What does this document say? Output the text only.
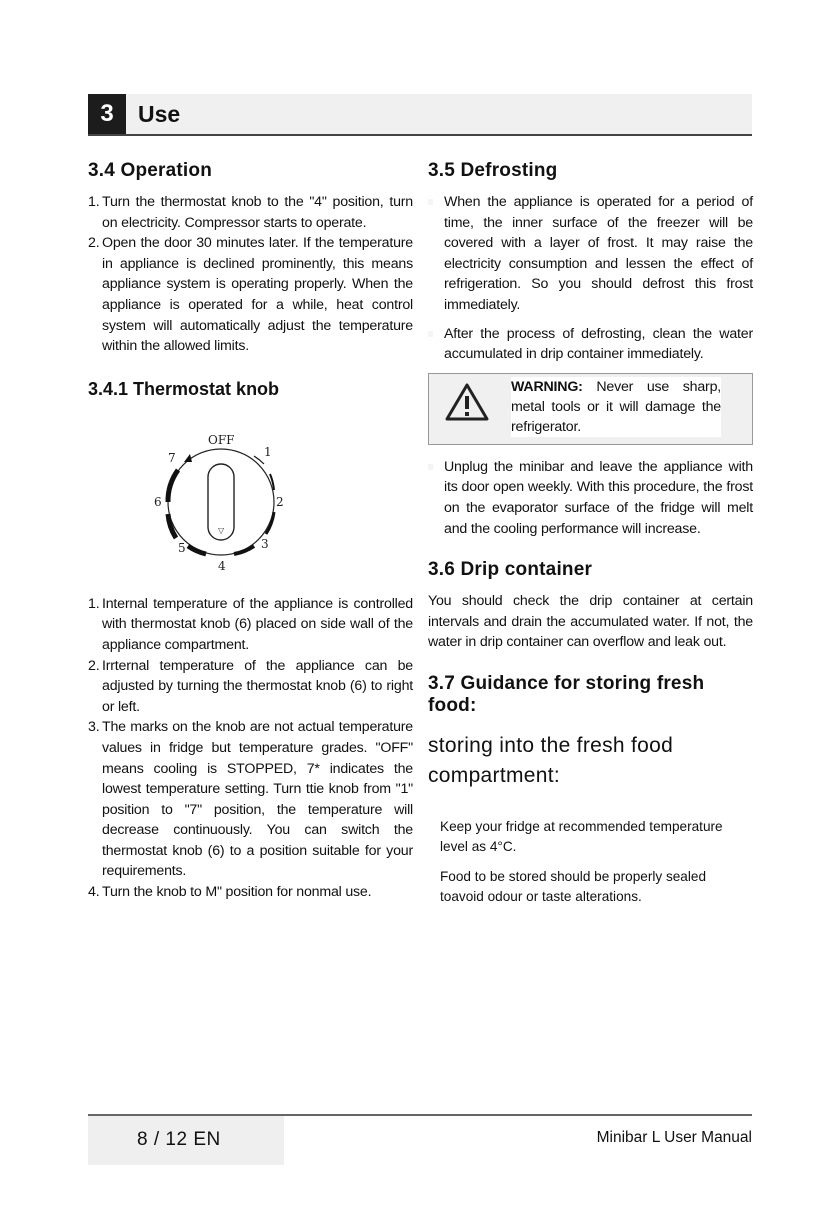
3	Use
3.4 Operation
1. Turn the thermostat knob to the "4" position, turn on electricity. Compressor starts to operate.
2. Open the door 30 minutes later. If the temperature in appliance is declined prominently, this means appliance system is operating properly. When the appliance is operated for a while, heat control system will automatically adjust the temperature within the allowed limits.
3.4.1 Thermostat knob
▽
OFF
1
2
3
4
5
6
7
1. Internal temperature of the appliance is controlled with thermostat knob (6) placed on side wall of the appliance compartment.
2. Irrternal temperature of the appliance can be adjusted by turning the thermostat knob (6) to right or left.
3. The marks on the knob are not actual temperature values in fridge but temperature grades. "OFF" means cooling is STOPPED, 7* indicates the lowest temperature setting. Turn ttie knob from "1" position to "7" position, the temperature will decrease continuously. You can switch the thermostat knob (6) to a position suitable for your requirements.
4. Turn the knob to M" position for nonmal use.
3.5 Defrosting
When the appliance is operated for a period of time, the inner surface of the freezer will be covered with a layer of frost. It may raise the electricity consumption and lessen the effect of refrigeration. So you should defrost this frost immediately.
After the process of defrosting, clean the water accumulated in drip container immediately.
WARNING: Never use sharp, metal tools or it will damage the refrigerator.
Unplug the minibar and leave the appliance with its door open weekly. With this procedure, the frost on the evaporator surface of the fridge will melt and the cooling performance will increase.
3.6 Drip container
You should check the drip container at certain intervals and drain the accumulated water. If not, the water in drip container can overflow and leak out.
3.7 Guidance for storing fresh food:
storing into the fresh food compartment:
Keep your fridge at recommended temperature level as 4°C.
Food to be stored should be properly sealed toavoid odour or taste alterations.
8 / 12 EN	Minibar L User Manual
